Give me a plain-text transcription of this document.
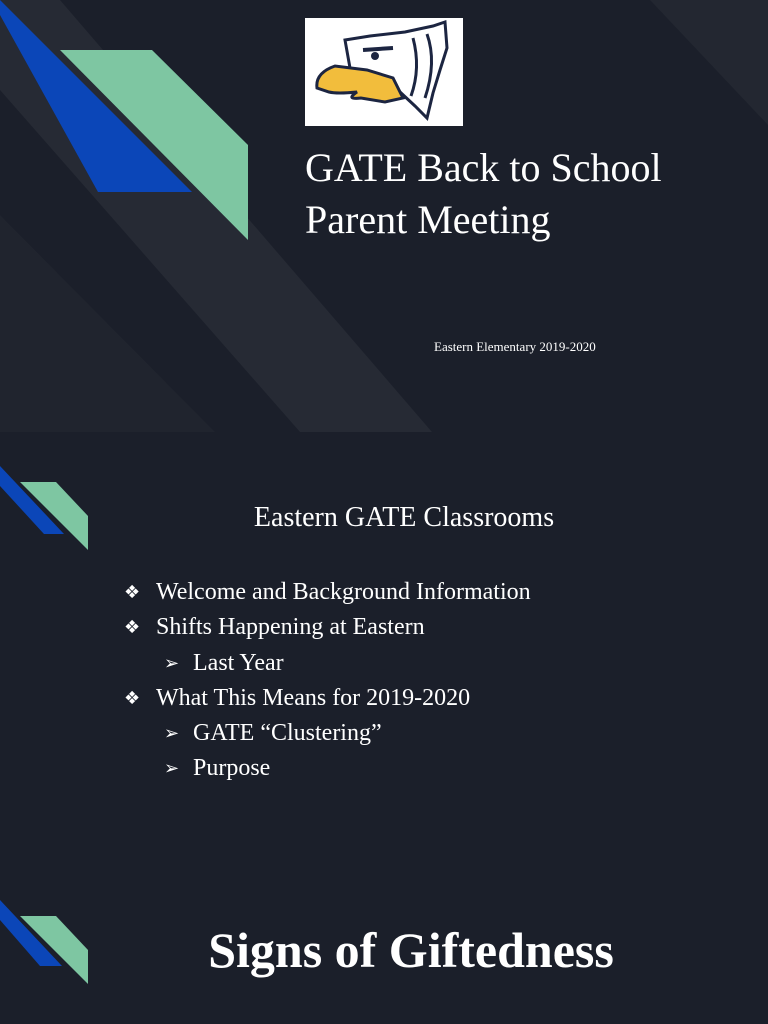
GATE Back to School
Parent Meeting
Eastern Elementary 2019-2020
Eastern GATE Classrooms
❖ Welcome and Background Information
❖ Shifts Happening at Eastern
➢ Last Year
❖ What This Means for 2019-2020
➢ GATE “Clustering”
➢ Purpose
Signs of Giftedness
